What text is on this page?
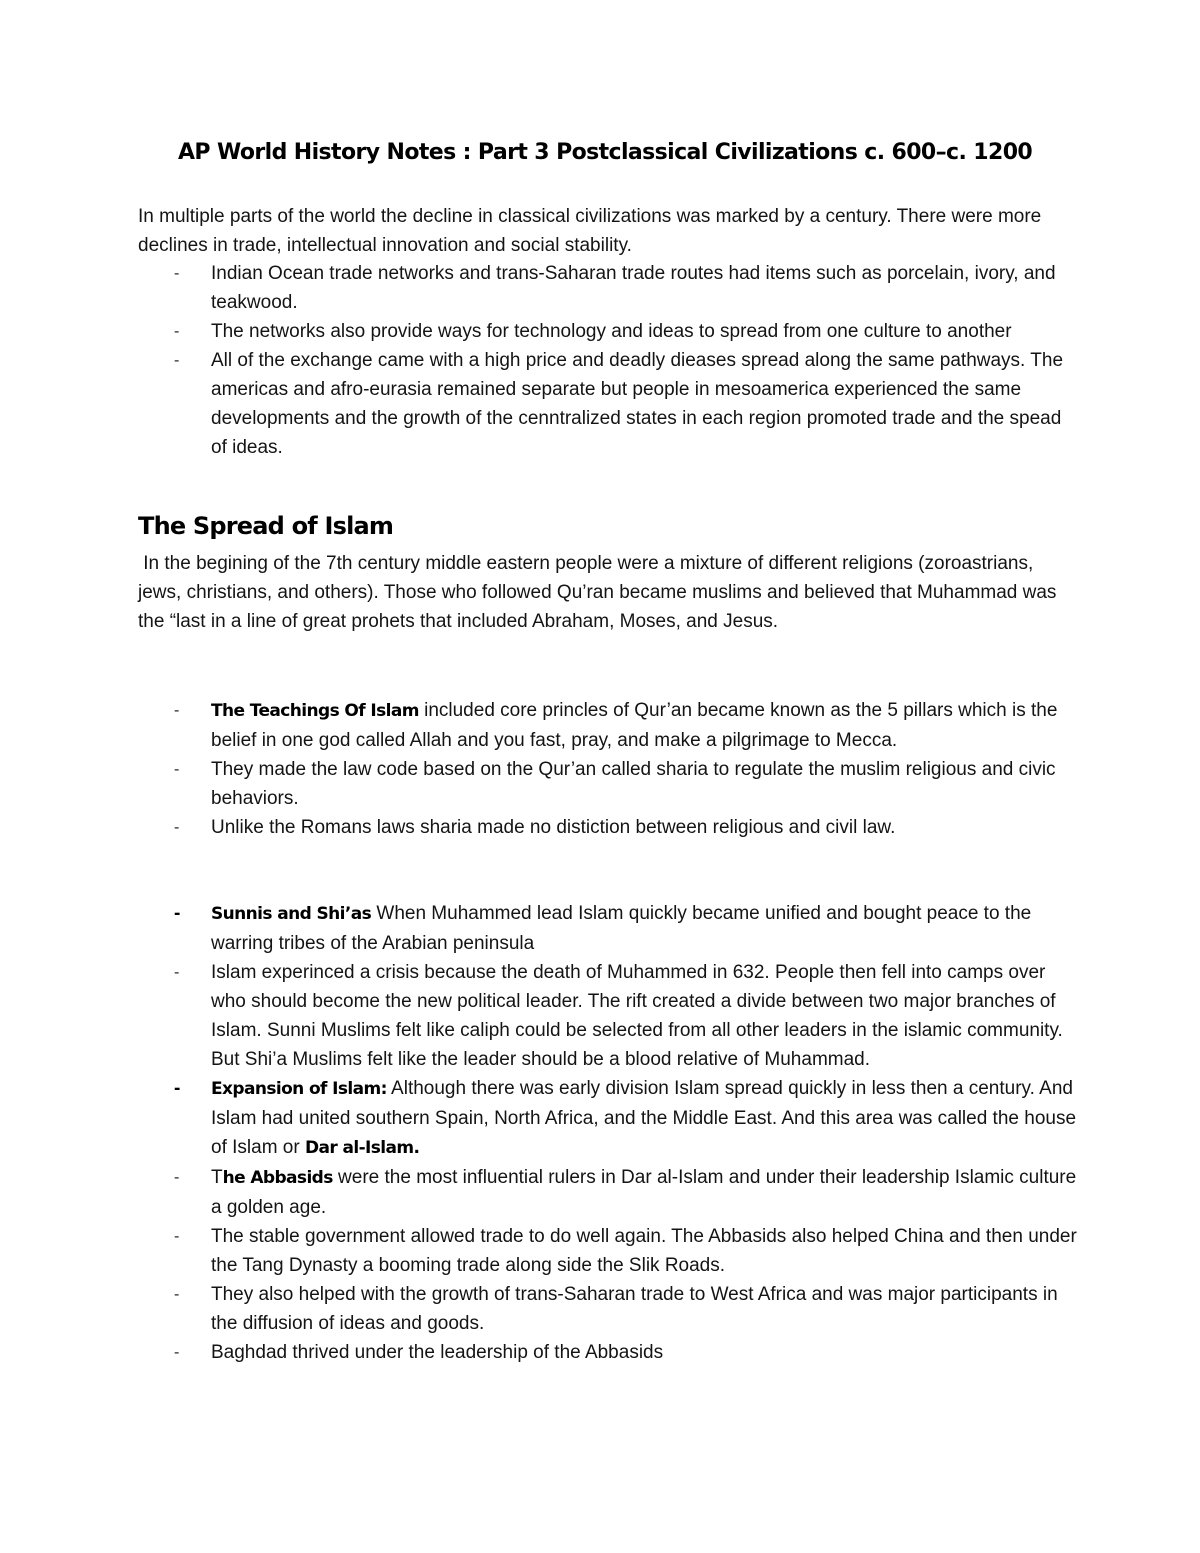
AP World History Notes : Part 3 Postclassical Civilizations c. 600–c. 1200
In multiple parts of the world the decline in classical civilizations was marked by a century. There were more declines in trade, intellectual innovation and social stability.
-	Indian Ocean trade networks and trans-Saharan trade routes had items such as porcelain, ivory, and teakwood.
-	The networks also provide ways for technology and ideas to spread from one culture to another
-	All of the exchange came with a high price and deadly dieases spread along the same pathways. The americas and afro-eurasia remained separate but people in mesoamerica experienced the same developments and the growth of the cenntralized states in each region promoted trade and the spead of ideas.
The Spread of Islam
In the begining of the 7th century middle eastern people were a mixture of different religions (zoroastrians, jews, christians, and others). Those who followed Qu’ran became muslims and believed that Muhammad was the “last in a line of great prohets that included Abraham, Moses, and Jesus.
-	The Teachings Of Islam included core princles of Qur’an became known as the 5 pillars which is the belief in one god called Allah and you fast, pray, and make a pilgrimage to Mecca.
-	They made the law code based on the Qur’an called sharia to regulate the muslim religious and civic behaviors.
-	Unlike the Romans laws sharia made no distiction between religious and civil law.
-	Sunnis and Shi’as When Muhammed lead Islam quickly became unified and bought peace to the warring tribes of the Arabian peninsula
-	Islam experinced a crisis because the death of Muhammed in 632. People then fell into camps over who should become the new political leader. The rift created a divide between two major branches of Islam. Sunni Muslims felt like caliph could be selected from all other leaders in the islamic community. But Shi’a Muslims felt like the leader should be a blood relative of Muhammad.
-	Expansion of Islam: Although there was early division Islam spread quickly in less then a century. And Islam had united southern Spain, North Africa, and the Middle East. And this area was called the house of Islam or Dar al-Islam.
-	The Abbasids were the most influential rulers in Dar al-Islam and under their leadership Islamic culture a golden age.
-	The stable government allowed trade to do well again. The Abbasids also helped China and then under the Tang Dynasty a booming trade along side the Slik Roads.
-	They also helped with the growth of trans-Saharan trade to West Africa and was major participants in the diffusion of ideas and goods.
-	Baghdad thrived under the leadership of the Abbasids
